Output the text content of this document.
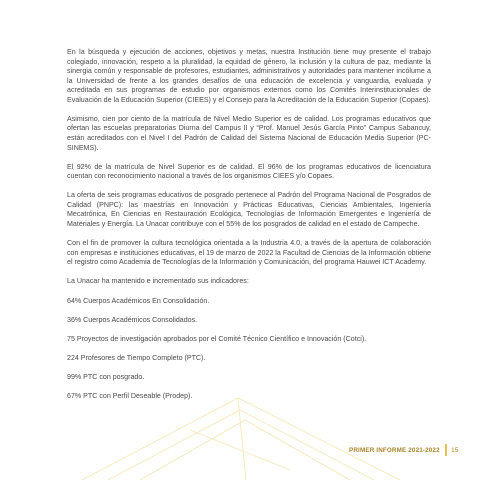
En la búsqueda y ejecución de acciones, objetivos y metas, nuestra Institución tiene muy presente el trabajo colegiado, innovación, respeto a la pluralidad, la equidad de género, la inclusión y la cultura de paz, mediante la sinergia común y responsable de profesores, estudiantes, administrativos y autoridades para mantener incólume a la Universidad de frente a los grandes desafíos de una educación de excelencia y vanguardia, evaluada y acreditada en sus programas de estudio por organismos externos como los Comités Interinstitucionales de Evaluación de la Educación Superior (CIEES) y el Consejo para la Acreditación de la Educación Superior (Copaes).

Asimismo, cien por ciento de la matrícula de Nivel Medio Superior es de calidad. Los programas educativos que ofertan las escuelas preparatorias Diurna del Campus II y “Prof. Manuel Jesús García Pinto” Campus Sabancuy, están acreditados con el Nivel I del Padrón de Calidad del Sistema Nacional de Educación Media Superior (PC-SINEMS).

El 92% de la matrícula de Nivel Superior es de calidad. El 96% de los programas educativos de licenciatura cuentan con reconocimiento nacional a través de los organismos CIEES y/o Copaes.

La oferta de seis programas educativos de posgrado pertenece al Padrón del Programa Nacional de Posgrados de Calidad (PNPC): las maestrías en Innovación y Prácticas Educativas, Ciencias Ambientales, Ingeniería Mecatrónica, En Ciencias en Restauración Ecológica, Tecnologías de Información Emergentes e Ingeniería de Materiales y Energía. La Unacar contribuye con el 55% de los posgrados de calidad en el estado de Campeche.

Con el fin de promover la cultura tecnológica orientada a la Industria 4.0, a través de la apertura de colaboración con empresas e instituciones educativas, el 19 de marzo de 2022 la Facultad de Ciencias de la Información obtiene el registro como Academia de Tecnologías de la Información y Comunicación, del programa Hauwei ICT Academy.

La Unacar ha mantenido e incrementado sus indicadores:

64% Cuerpos Académicos En Consolidación.

36% Cuerpos Académicos Consolidados.

75 Proyectos de investigación aprobados por el Comité Técnico Científico e Innovación (Cotci).

224 Profesores de Tiempo Completo (PTC).

99% PTC con posgrado.

67% PTC con Perfil Deseable (Prodep).

PRIMER INFORME 2021-2022 15
